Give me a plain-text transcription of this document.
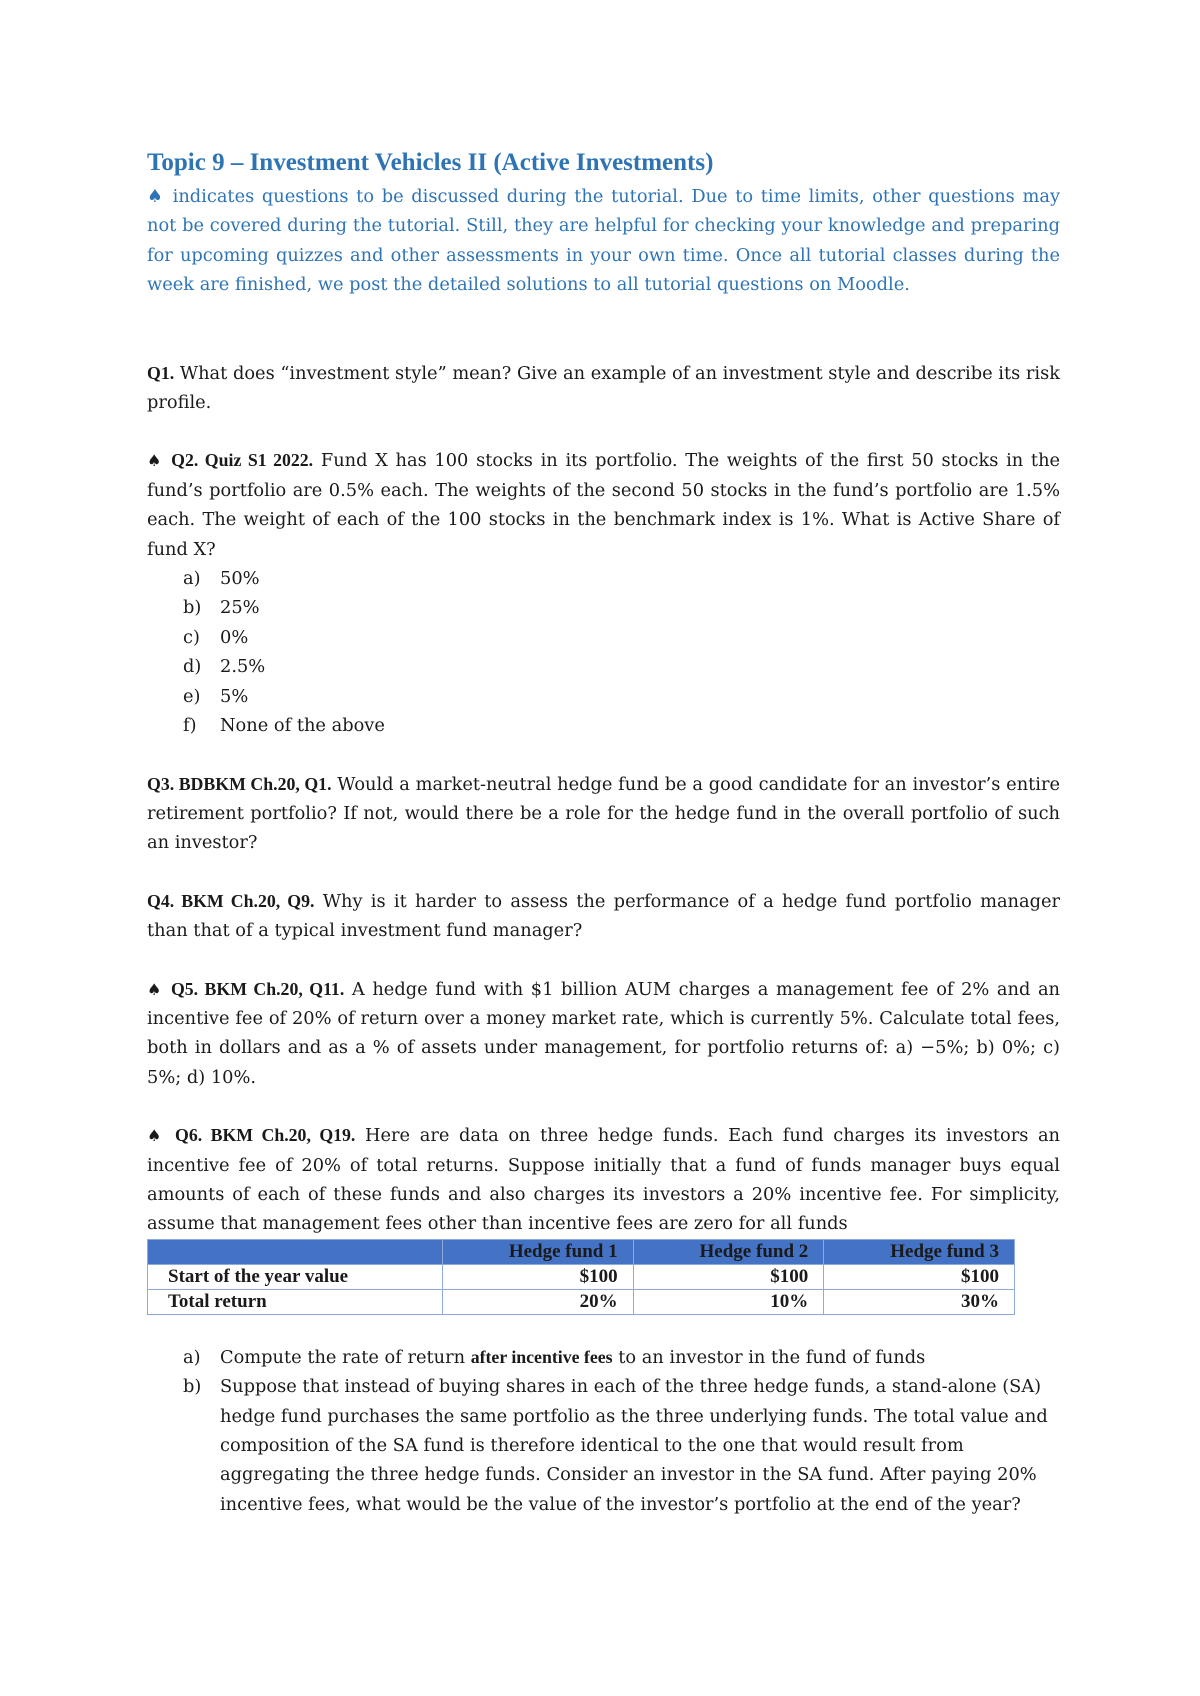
Topic 9 – Investment Vehicles II (Active Investments)

♠ indicates questions to be discussed during the tutorial. Due to time limits, other questions may not be covered during the tutorial. Still, they are helpful for checking your knowledge and preparing for upcoming quizzes and other assessments in your own time. Once all tutorial classes during the week are finished, we post the detailed solutions to all tutorial questions on Moodle.

Q1. What does “investment style” mean? Give an example of an investment style and describe its risk profile.

♠ Q2. Quiz S1 2022. Fund X has 100 stocks in its portfolio. The weights of the first 50 stocks in the fund’s portfolio are 0.5% each. The weights of the second 50 stocks in the fund’s portfolio are 1.5% each. The weight of each of the 100 stocks in the benchmark index is 1%. What is Active Share of fund X?

a)	50%
b)	25%
c)	0%
d)	2.5%
e)	5%
f)	None of the above

Q3. BDBKM Ch.20, Q1. Would a market-neutral hedge fund be a good candidate for an investor’s entire retirement portfolio? If not, would there be a role for the hedge fund in the overall portfolio of such an investor?

Q4. BKM Ch.20, Q9. Why is it harder to assess the performance of a hedge fund portfolio manager than that of a typical investment fund manager?

♠ Q5. BKM Ch.20, Q11. A hedge fund with $1 billion AUM charges a management fee of 2% and an incentive fee of 20% of return over a money market rate, which is currently 5%. Calculate total fees, both in dollars and as a % of assets under management, for portfolio returns of: a) −5%; b) 0%; c) 5%; d) 10%.

♠ Q6. BKM Ch.20, Q19. Here are data on three hedge funds. Each fund charges its investors an incentive fee of 20% of total returns. Suppose initially that a fund of funds manager buys equal amounts of each of these funds and also charges its investors a 20% incentive fee. For simplicity, assume that management fees other than incentive fees are zero for all funds

	Hedge fund 1	Hedge fund 2	Hedge fund 3
Start of the year value	$100	$100	$100
Total return	20%	10%	30%
a)	Compute the rate of return after incentive fees to an investor in the fund of funds
b)	Suppose that instead of buying shares in each of the three hedge funds, a stand-alone (SA) hedge fund purchases the same portfolio as the three underlying funds. The total value and composition of the SA fund is therefore identical to the one that would result from aggregating the three hedge funds. Consider an investor in the SA fund. After paying 20% incentive fees, what would be the value of the investor’s portfolio at the end of the year?
